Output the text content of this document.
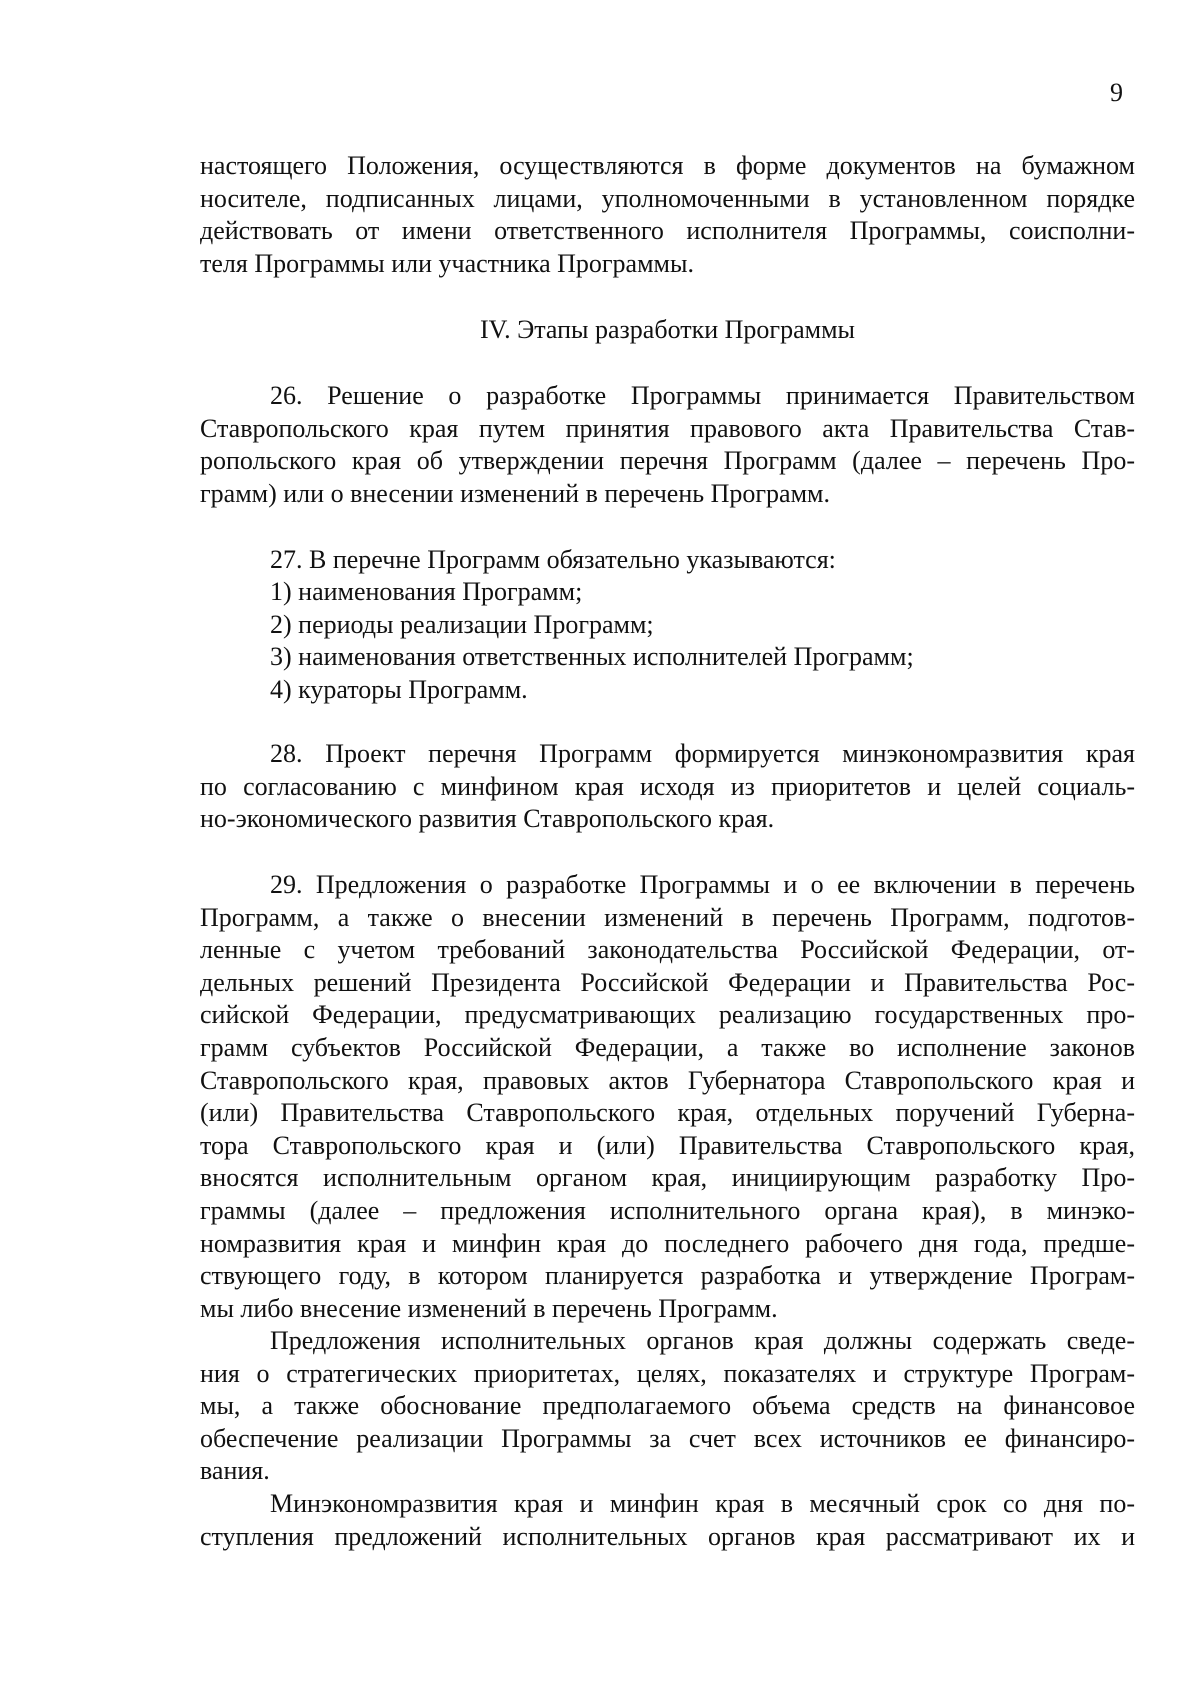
9
настоящего Положения, осуществляются в форме документов на бумажном
носителе, подписанных лицами, уполномоченными в установленном порядке
действовать от имени ответственного исполнителя Программы, соисполни-
теля Программы или участника Программы.
IV. Этапы разработки Программы
26. Решение о разработке Программы принимается Правительством
Ставропольского края путем принятия правового акта Правительства Став-
ропольского края об утверждении перечня Программ (далее – перечень Про-
грамм) или о внесении изменений в перечень Программ.
27. В перечне Программ обязательно указываются:
1) наименования Программ;
2) периоды реализации Программ;
3) наименования ответственных исполнителей Программ;
4) кураторы Программ.
28. Проект перечня Программ формируется минэкономразвития края
по согласованию с минфином края исходя из приоритетов и целей социаль-
но-экономического развития Ставропольского края.
29. Предложения о разработке Программы и о ее включении в перечень
Программ, а также о внесении изменений в перечень Программ, подготов-
ленные с учетом требований законодательства Российской Федерации, от-
дельных решений Президента Российской Федерации и Правительства Рос-
сийской Федерации, предусматривающих реализацию государственных про-
грамм субъектов Российской Федерации, а также во исполнение законов
Ставропольского края, правовых актов Губернатора Ставропольского края и
(или) Правительства Ставропольского края, отдельных поручений Губерна-
тора Ставропольского края и (или) Правительства Ставропольского края,
вносятся исполнительным органом края, инициирующим разработку Про-
граммы (далее – предложения исполнительного органа края), в минэко-
номразвития края и минфин края до последнего рабочего дня года, предше-
ствующего году, в котором планируется разработка и утверждение Програм-
мы либо внесение изменений в перечень Программ.
Предложения исполнительных органов края должны содержать сведе-
ния о стратегических приоритетах, целях, показателях и структуре Програм-
мы, а также обоснование предполагаемого объема средств на финансовое
обеспечение реализации Программы за счет всех источников ее финансиро-
вания.
Минэкономразвития края и минфин края в месячный срок со дня по-
ступления предложений исполнительных органов края рассматривают их и
